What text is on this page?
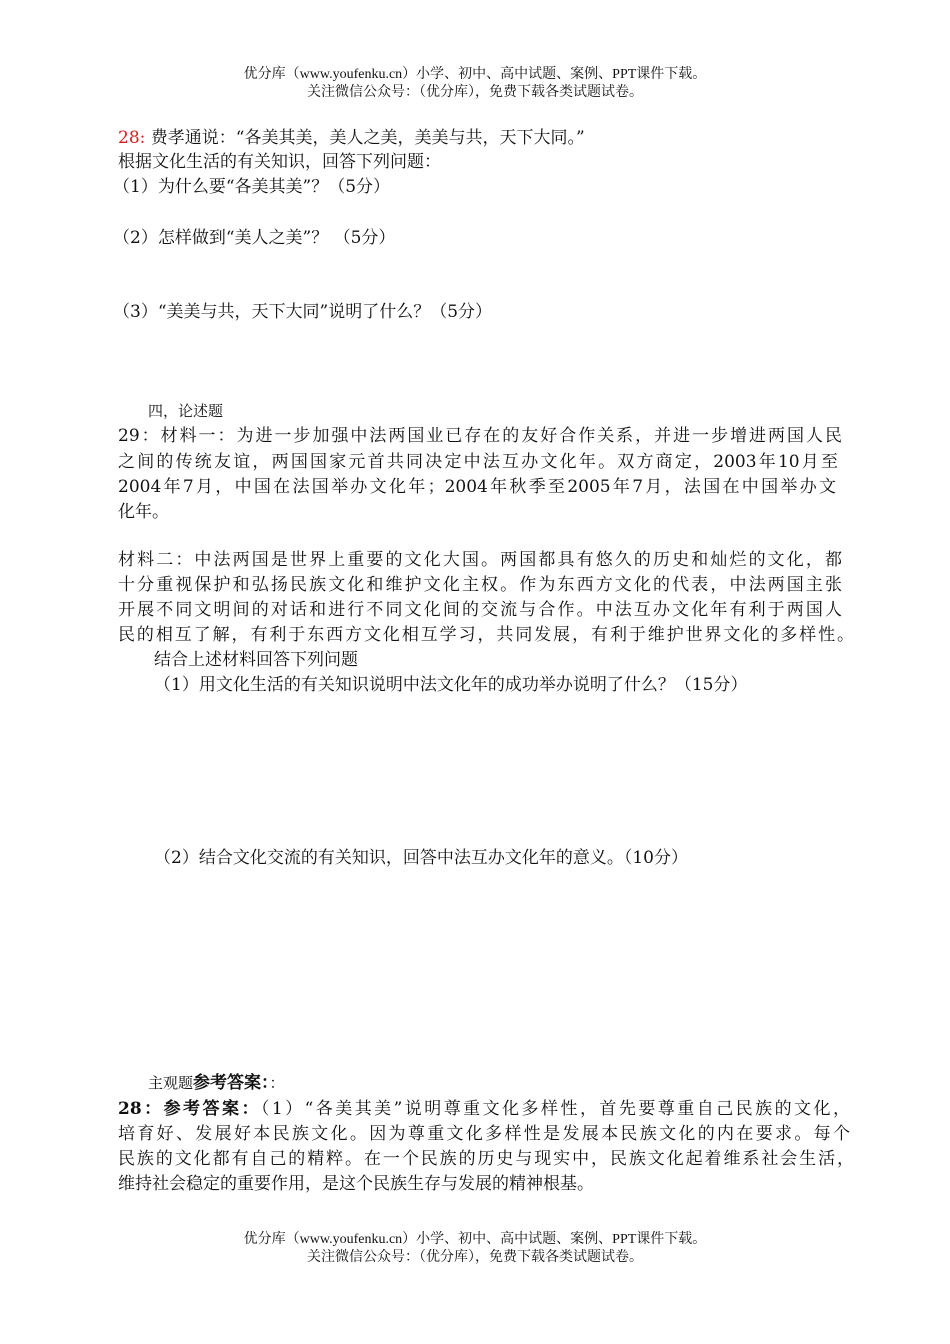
优分库（www.youfenku.cn）小学、初中、高中试题、案例、PPT课件下载。
关注微信公众号：（优分库），免费下载各类试题试卷。
28: 费孝通说：“各美其美，美人之美，美美与共，天下大同。”
根据文化生活的有关知识，回答下列问题：
（1）为什么要“各美其美”？（5分）
（2）怎样做到“美人之美”？ （5分）
（3）“美美与共，天下大同”说明了什么？（5分）
四，论述题
29：材料一：为进一步加强中法两国业已存在的友好合作关系，并进一步增进两国人民
之间的传统友谊，两国国家元首共同决定中法互办文化年。双方商定，2003年10月至
2004年7月，中国在法国举办文化年；2004年秋季至2005年7月，法国在中国举办文
化年。
材料二：中法两国是世界上重要的文化大国。两国都具有悠久的历史和灿烂的文化，都
十分重视保护和弘扬民族文化和维护文化主权。作为东西方文化的代表，中法两国主张
开展不同文明间的对话和进行不同文化间的交流与合作。中法互办文化年有利于两国人
民的相互了解，有利于东西方文化相互学习，共同发展，有利于维护世界文化的多样性。
结合上述材料回答下列问题
（1）用文化生活的有关知识说明中法文化年的成功举办说明了什么？（15分）
（2）结合文化交流的有关知识，回答中法互办文化年的意义。（10分）
主观题参考答案：：
28：参考答案：（1）“各美其美”说明尊重文化多样性，首先要尊重自己民族的文化，
培育好、发展好本民族文化。因为尊重文化多样性是发展本民族文化的内在要求。每个
民族的文化都有自己的精粹。在一个民族的历史与现实中，民族文化起着维系社会生活，
维持社会稳定的重要作用，是这个民族生存与发展的精神根基。
优分库（www.youfenku.cn）小学、初中、高中试题、案例、PPT课件下载。
关注微信公众号：（优分库），免费下载各类试题试卷。
